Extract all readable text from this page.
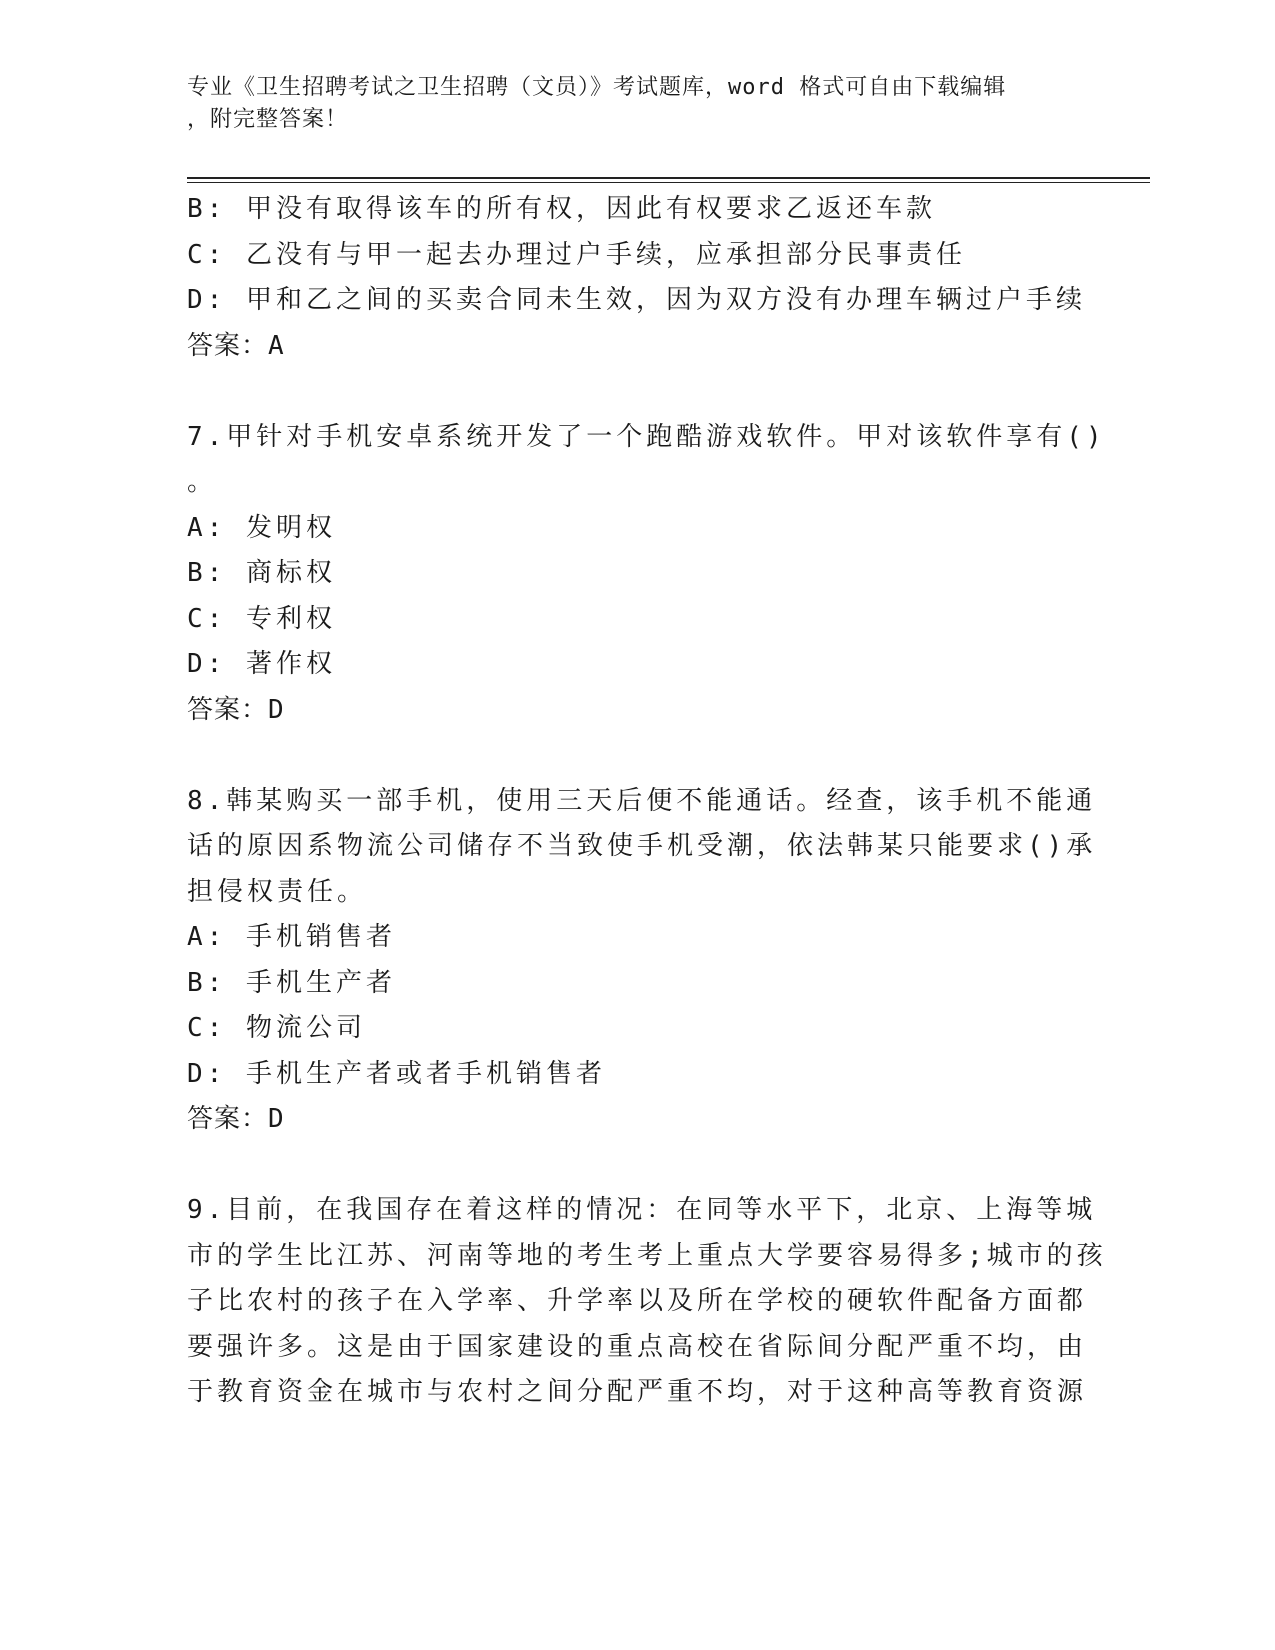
专业《卫生招聘考试之卫生招聘（文员）》考试题库，word 格式可自由下载编辑
，附完整答案！
B: 甲没有取得该车的所有权，因此有权要求乙返还车款
C: 乙没有与甲一起去办理过户手续，应承担部分民事责任
D: 甲和乙之间的买卖合同未生效，因为双方没有办理车辆过户手续
答案：A
7.甲针对手机安卓系统开发了一个跑酷游戏软件。甲对该软件享有()
。
A: 发明权
B: 商标权
C: 专利权
D: 著作权
答案：D
8.韩某购买一部手机，使用三天后便不能通话。经查，该手机不能通
话的原因系物流公司储存不当致使手机受潮，依法韩某只能要求()承
担侵权责任。
A: 手机销售者
B: 手机生产者
C: 物流公司
D: 手机生产者或者手机销售者
答案：D
9.目前，在我国存在着这样的情况：在同等水平下，北京、上海等城
市的学生比江苏、河南等地的考生考上重点大学要容易得多;城市的孩
子比农村的孩子在入学率、升学率以及所在学校的硬软件配备方面都
要强许多。这是由于国家建设的重点高校在省际间分配严重不均，由
于教育资金在城市与农村之间分配严重不均，对于这种高等教育资源
